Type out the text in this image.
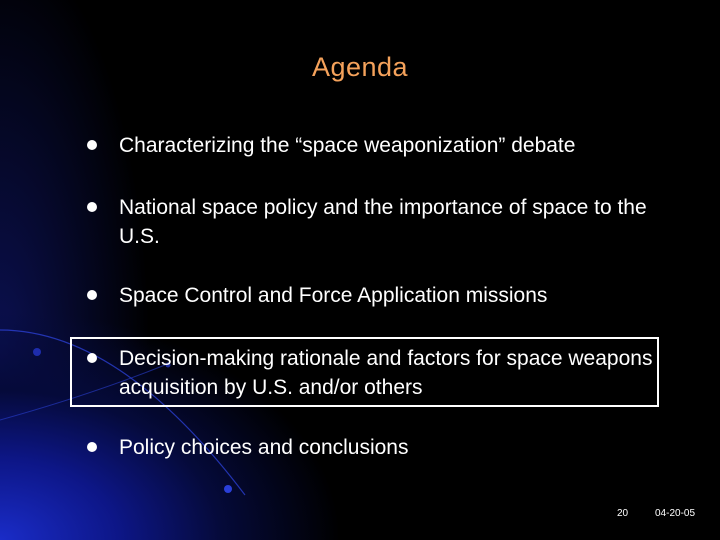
Agenda
Characterizing the “space weaponization” debate
National space policy and the importance of space to the U.S.
Space Control and Force Application missions
Decision-making rationale and factors for space weapons acquisition by U.S. and/or others
Policy choices and conclusions
20	04-20-05
